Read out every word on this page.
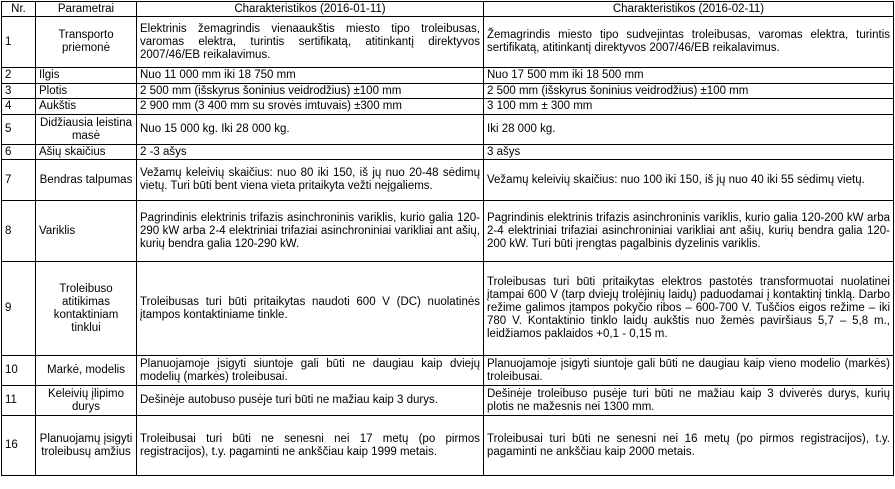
Nr.	Parametrai	Charakteristikos (2016-01-11)	Charakteristikos (2016-02-11)
1	Transporto priemonė	Elektrinis žemagrindis vienaaukštis miesto tipo troleibusas, varomas elektra, turintis sertifikatą, atitinkantį direktyvos 2007/46/EB reikalavimus.	Žemagrindis miesto tipo sudvejintas troleibusas, varomas elektra, turintis sertifikatą, atitinkantį direktyvos 2007/46/EB reikalavimus.
2	Ilgis	Nuo 11 000 mm iki 18 750 mm	Nuo 17 500 mm iki 18 500 mm
3	Plotis	2 500 mm (išskyrus šoninius veidrodžius) ±100 mm	2 500 mm (išskyrus šoninius veidrodžius) ±100 mm
4	Aukštis	2 900 mm (3 400 mm su srovės imtuvais) ±300 mm	3 100 mm ± 300 mm
5	Didžiausia leistina masė	Nuo 15 000 kg. Iki 28 000 kg.	Iki 28 000 kg.
6	Ašių skaičius	2 -3 ašys	3 ašys
7	Bendras talpumas	Vežamų keleivių skaičius: nuo 80 iki 150, iš jų nuo 20-48 sėdimų vietų. Turi būti bent viena vieta pritaikyta vežti neįgaliems.	Vežamų keleivių skaičius: nuo 100 iki 150, iš jų nuo 40 iki 55 sėdimų vietų.
8	Variklis	Pagrindinis elektrinis trifazis asinchroninis variklis, kurio galia 120-290 kW arba 2-4 elektriniai trifaziai asinchroniniai varikliai ant ašių, kurių bendra galia 120-290 kW.	Pagrindinis elektrinis trifazis asinchroninis variklis, kurio galia 120-200 kW arba 2-4 elektriniai trifaziai asinchroniniai varikliai ant ašių, kurių bendra galia 120-200 kW. Turi būti įrengtas pagalbinis dyzelinis variklis.
9	Troleibuso atitikimas kontaktiniam tinklui	Troleibusas turi būti pritaikytas naudoti 600 V (DC) nuolatinės įtampos kontaktiniame tinkle.	Troleibusas turi būti pritaikytas elektros pastotės transformuotai nuolatinei įtampai 600 V (tarp dviejų trolėjinių laidų) paduodamai į kontaktinį tinklą. Darbo režime galimos įtampos pokyčio ribos – 600-700 V. Tuščios eigos režime – iki 780 V. Kontaktinio tinklo laidų aukštis nuo žemės paviršiaus 5,7 – 5,8 m., leidžiamos paklaidos +0,1 - 0,15 m.
10	Markė, modelis	Planuojamoje įsigyti siuntoje gali būti ne daugiau kaip dviejų modelių (markės) troleibusai.	Planuojamoje įsigyti siuntoje gali būti ne daugiau kaip vieno modelio (markės) troleibusai.
11	Keleivių įlipimo durys	Dešinėje autobuso pusėje turi būti ne mažiau kaip 3 durys.	Dešinėje troleibuso pusėje turi būti ne mažiau kaip 3 dviverės durys, kurių plotis ne mažesnis nei 1300 mm.
16	Planuojamų įsigyti troleibusų amžius	Troleibusai turi būti ne senesni nei 17 metų (po pirmos registracijos), t.y. pagaminti ne ankščiau kaip 1999 metais.	Troleibusai turi būti ne senesni nei 16 metų (po pirmos registracijos), t.y. pagaminti ne ankščiau kaip 2000 metais.
